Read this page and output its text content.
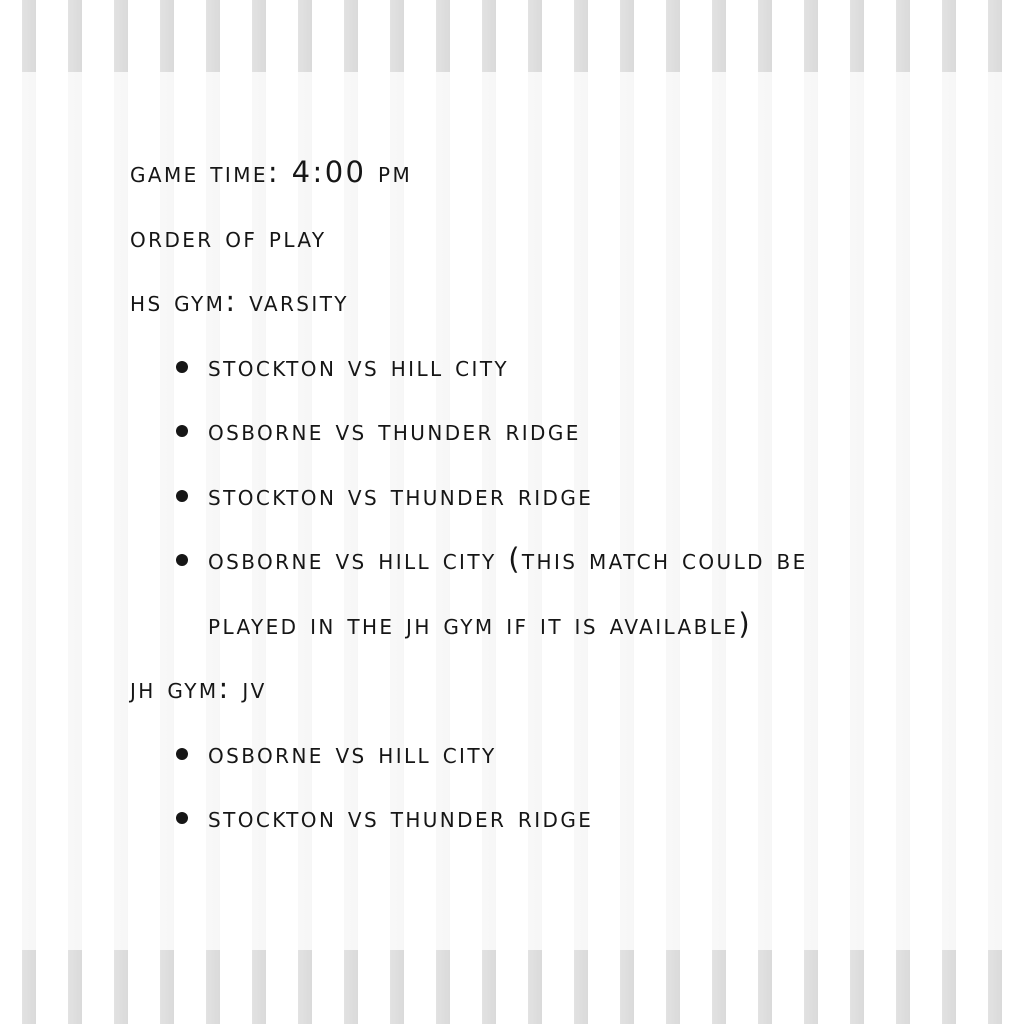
game time: 4:00 pm

order of play

hs gym: varsity

stockton vs hill city
osborne vs thunder ridge
stockton vs thunder ridge
osborne vs hill city (this match could be played in the jh gym if it is available)

jh gym: jv

osborne vs hill city
stockton vs thunder ridge
